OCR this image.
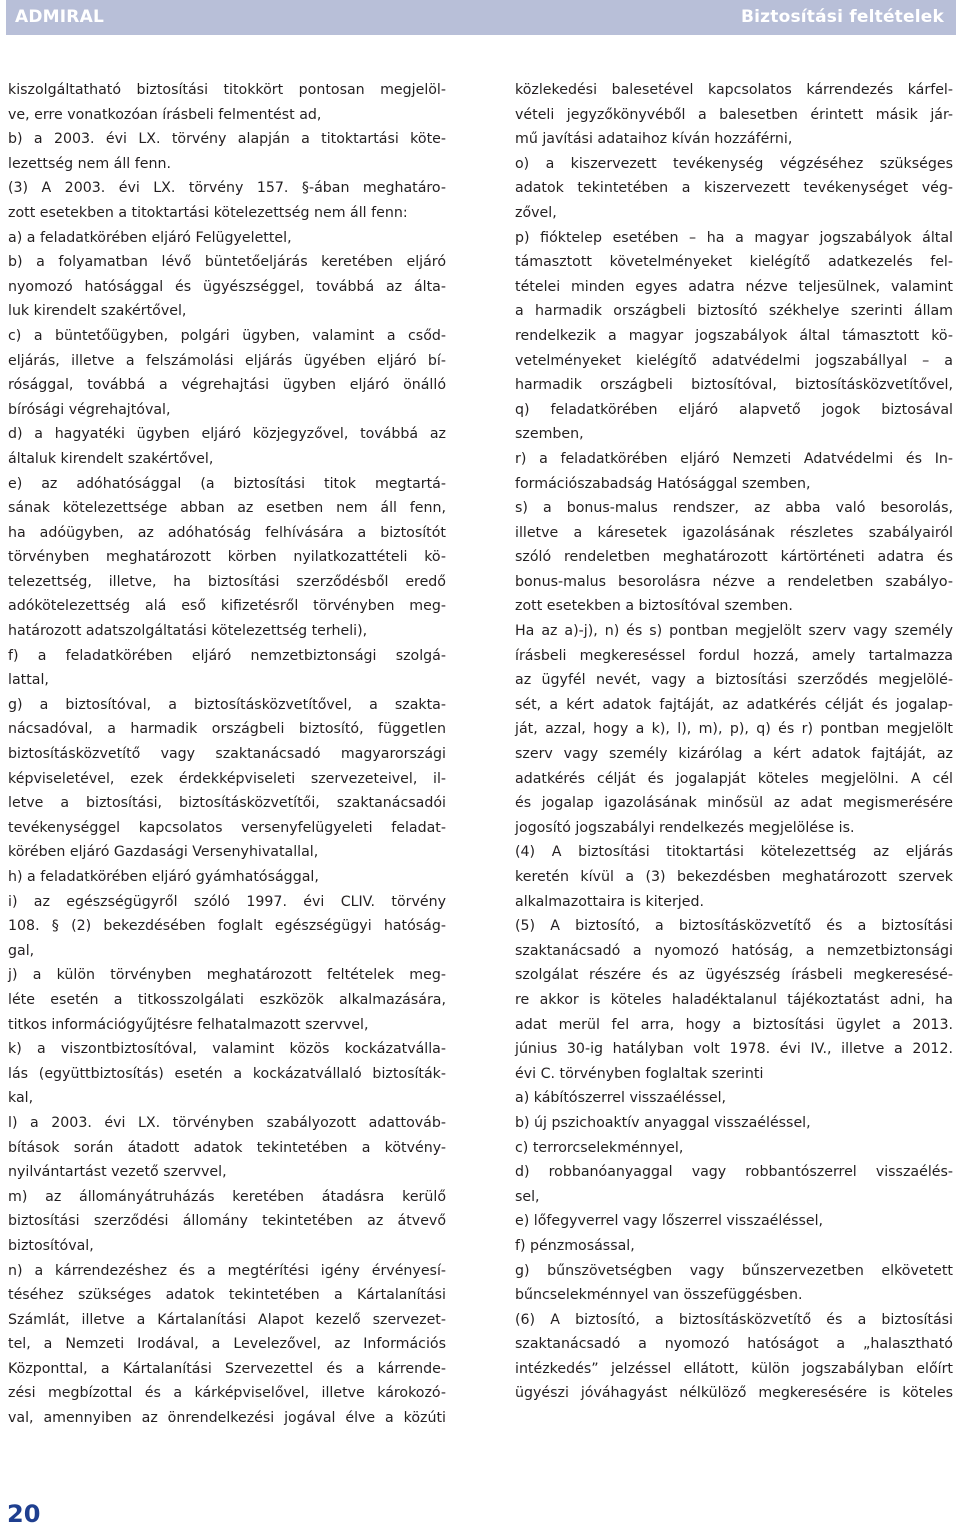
ADMIRAL	Biztosítási feltételek
kiszolgáltatható biztosítási titokkört pontosan megjelöl-
ve, erre vonatkozóan írásbeli felmentést ad,
b) a 2003. évi LX. törvény alapján a titoktartási köte-
lezettség nem áll fenn.
(3) A 2003. évi LX. törvény 157. §-ában meghatáro-
zott esetekben a titoktartási kötelezettség nem áll fenn:
a) a feladatkörében eljáró Felügyelettel,
b) a folyamatban lévő büntetőeljárás keretében eljáró
nyomozó hatósággal és ügyészséggel, továbbá az álta-
luk kirendelt szakértővel,
c) a büntetőügyben, polgári ügyben, valamint a csőd-
eljárás, illetve a felszámolási eljárás ügyében eljáró bí-
rósággal, továbbá a végrehajtási ügyben eljáró önálló
bírósági végrehajtóval,
d) a hagyatéki ügyben eljáró közjegyzővel, továbbá az
általuk kirendelt szakértővel,
e) az adóhatósággal (a biztosítási titok megtartá-
sának kötelezettsége abban az esetben nem áll fenn,
ha adóügyben, az adóhatóság felhívására a biztosítót
törvényben meghatározott körben nyilatkozattételi kö-
telezettség, illetve, ha biztosítási szerződésből eredő
adókötelezettség alá eső kifizetésről törvényben meg-
határozott adatszolgáltatási kötelezettség terheli),
f) a feladatkörében eljáró nemzetbiztonsági szolgá-
lattal,
g) a biztosítóval, a biztosításközvetítővel, a szakta-
nácsadóval, a harmadik országbeli biztosító, független
biztosításközvetítő vagy szaktanácsadó magyarországi
képviseletével, ezek érdekképviseleti szervezeteivel, il-
letve a biztosítási, biztosításközvetítői, szaktanácsadói
tevékenységgel kapcsolatos versenyfelügyeleti feladat-
körében eljáró Gazdasági Versenyhivatallal,
h) a feladatkörében eljáró gyámhatósággal,
i) az egészségügyről szóló 1997. évi CLIV. törvény
108. § (2) bekezdésében foglalt egészségügyi hatóság-
gal,
j) a külön törvényben meghatározott feltételek meg-
léte esetén a titkosszolgálati eszközök alkalmazására,
titkos információgyűjtésre felhatalmazott szervvel,
k) a viszontbiztosítóval, valamint közös kockázatválla-
lás (együttbiztosítás) esetén a kockázatvállaló biztosíták-
kal,
l) a 2003. évi LX. törvényben szabályozott adattováb-
bítások során átadott adatok tekintetében a kötvény-
nyilvántartást vezető szervvel,
m) az állományátruházás keretében átadásra kerülő
biztosítási szerződési állomány tekintetében az átvevő
biztosítóval,
n) a kárrendezéshez és a megtérítési igény érvényesí-
téséhez szükséges adatok tekintetében a Kártalanítási
Számlát, illetve a Kártalanítási Alapot kezelő szervezet-
tel, a Nemzeti Irodával, a Levelezővel, az Információs
Központtal, a Kártalanítási Szervezettel és a kárrende-
zési megbízottal és a kárképviselővel, illetve károkozó-
val, amennyiben az önrendelkezési jogával élve a közúti
közlekedési balesetével kapcsolatos kárrendezés kárfel-
vételi jegyzőkönyvéből a balesetben érintett másik jár-
mű javítási adataihoz kíván hozzáférni,
o) a kiszervezett tevékenység végzéséhez szükséges
adatok tekintetében a kiszervezett tevékenységet vég-
zővel,
p) fióktelep esetében – ha a magyar jogszabályok által
támasztott követelményeket kielégítő adatkezelés fel-
tételei minden egyes adatra nézve teljesülnek, valamint
a harmadik országbeli biztosító székhelye szerinti állam
rendelkezik a magyar jogszabályok által támasztott kö-
vetelményeket kielégítő adatvédelmi jogszabállyal – a
harmadik országbeli biztosítóval, biztosításközvetítővel,
q) feladatkörében eljáró alapvető jogok biztosával
szemben,
r) a feladatkörében eljáró Nemzeti Adatvédelmi és In-
formációszabadság Hatósággal szemben,
s) a bonus-malus rendszer, az abba való besorolás,
illetve a káresetek igazolásának részletes szabályairól
szóló rendeletben meghatározott kártörténeti adatra és
bonus-malus besorolásra nézve a rendeletben szabályo-
zott esetekben a biztosítóval szemben.
Ha az a)-j), n) és s) pontban megjelölt szerv vagy személy
írásbeli megkereséssel fordul hozzá, amely tartalmazza
az ügyfél nevét, vagy a biztosítási szerződés megjelölé-
sét, a kért adatok fajtáját, az adatkérés célját és jogalap-
ját, azzal, hogy a k), l), m), p), q) és r) pontban megjelölt
szerv vagy személy kizárólag a kért adatok fajtáját, az
adatkérés célját és jogalapját köteles megjelölni. A cél
és jogalap igazolásának minősül az adat megismerésére
jogosító jogszabályi rendelkezés megjelölése is.
(4) A biztosítási titoktartási kötelezettség az eljárás
keretén kívül a (3) bekezdésben meghatározott szervek
alkalmazottaira is kiterjed.
(5) A biztosító, a biztosításközvetítő és a biztosítási
szaktanácsadó a nyomozó hatóság, a nemzetbiztonsági
szolgálat részére és az ügyészség írásbeli megkeresésé-
re akkor is köteles haladéktalanul tájékoztatást adni, ha
adat merül fel arra, hogy a biztosítási ügylet a 2013.
június 30-ig hatályban volt 1978. évi IV., illetve a 2012.
évi C. törvényben foglaltak szerinti
a) kábítószerrel visszaéléssel,
b) új pszichoaktív anyaggal visszaéléssel,
c) terrorcselekménnyel,
d) robbanóanyaggal vagy robbantószerrel visszaélés-
sel,
e) lőfegyverrel vagy lőszerrel visszaéléssel,
f) pénzmosással,
g) bűnszövetségben vagy bűnszervezetben elkövetett
bűncselekménnyel van összefüggésben.
(6) A biztosító, a biztosításközvetítő és a biztosítási
szaktanácsadó a nyomozó hatóságot a „halasztható
intézkedés” jelzéssel ellátott, külön jogszabályban előírt
ügyészi jóváhagyást nélkülöző megkeresésére is köteles
20
